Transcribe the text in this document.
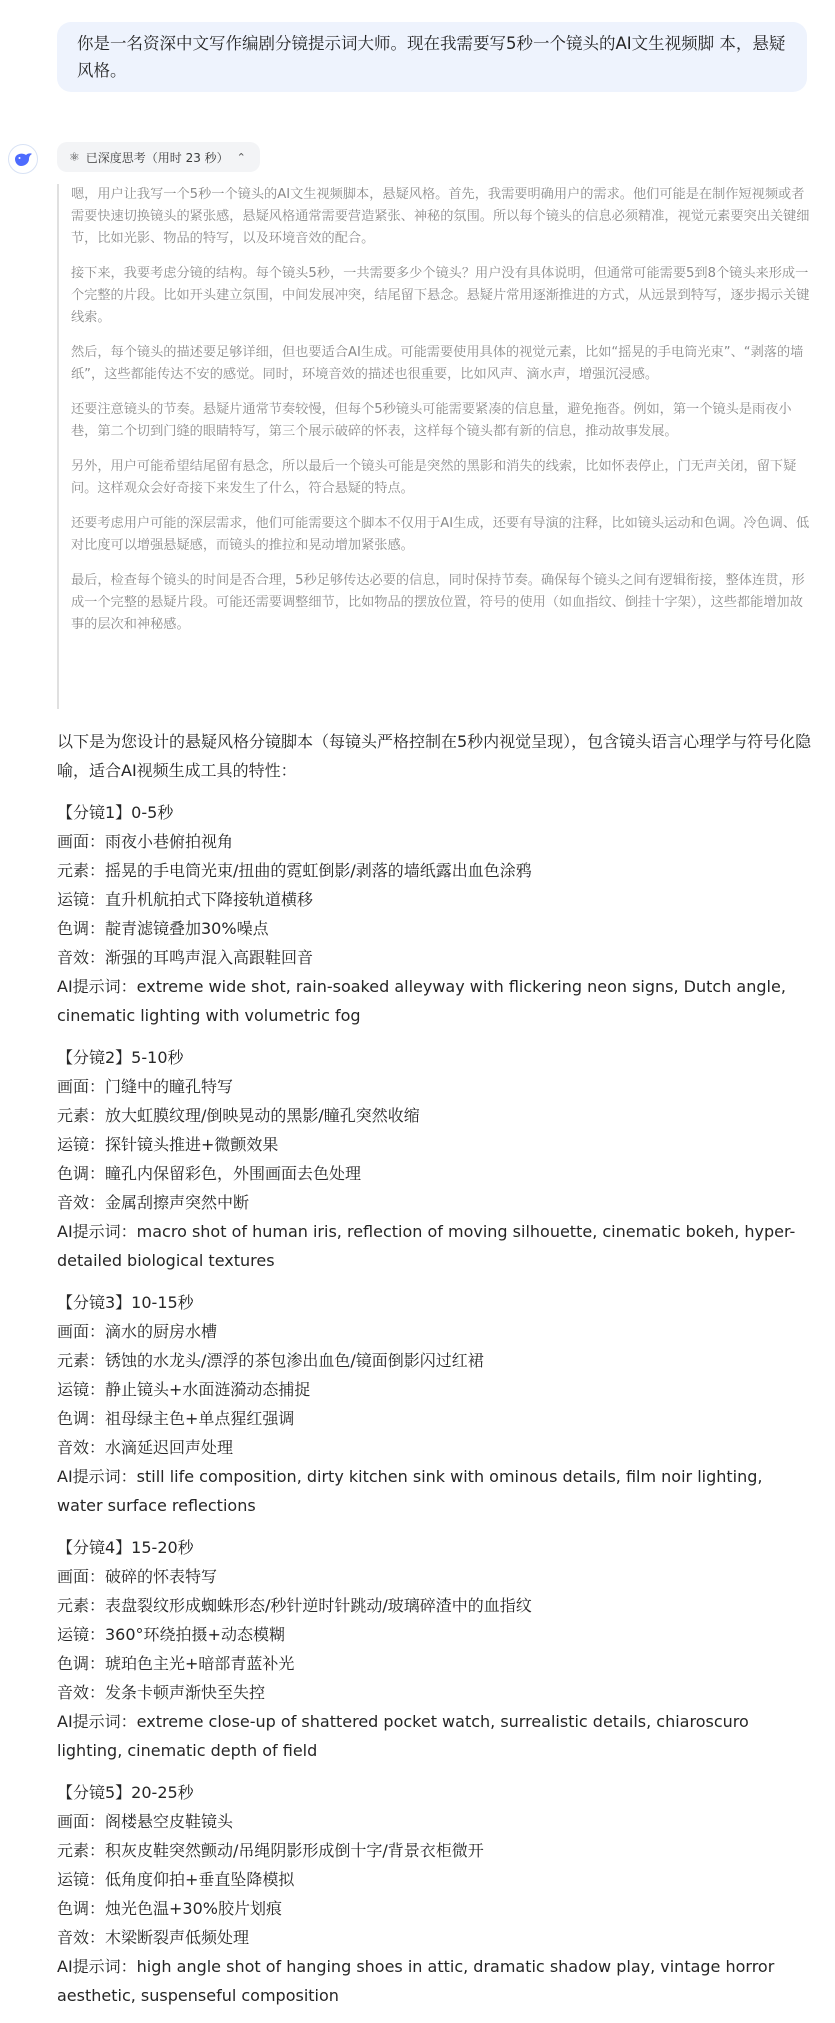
你是一名资深中文写作编剧分镜提示词大师。现在我需要写5秒一个镜头的AI文生视频脚 本，悬疑风格。
⚛ 已深度思考（用时 23 秒） ⌃

嗯，用户让我写一个5秒一个镜头的AI文生视频脚本，悬疑风格。首先，我需要明确用户的需求。他们可能是在制作短视频或者需要快速切换镜头的紧张感，悬疑风格通常需要营造紧张、神秘的氛围。所以每个镜头的信息必须精准，视觉元素要突出关键细节，比如光影、物品的特写，以及环境音效的配合。

接下来，我要考虑分镜的结构。每个镜头5秒，一共需要多少个镜头？用户没有具体说明，但通常可能需要5到8个镜头来形成一个完整的片段。比如开头建立氛围，中间发展冲突，结尾留下悬念。悬疑片常用逐渐推进的方式，从远景到特写，逐步揭示关键线索。

然后，每个镜头的描述要足够详细，但也要适合AI生成。可能需要使用具体的视觉元素，比如“摇晃的手电筒光束”、“剥落的墙纸”，这些都能传达不安的感觉。同时，环境音效的描述也很重要，比如风声、滴水声，增强沉浸感。

还要注意镜头的节奏。悬疑片通常节奏较慢，但每个5秒镜头可能需要紧凑的信息量，避免拖沓。例如，第一个镜头是雨夜小巷，第二个切到门缝的眼睛特写，第三个展示破碎的怀表，这样每个镜头都有新的信息，推动故事发展。

另外，用户可能希望结尾留有悬念，所以最后一个镜头可能是突然的黑影和消失的线索，比如怀表停止，门无声关闭，留下疑问。这样观众会好奇接下来发生了什么，符合悬疑的特点。

还要考虑用户可能的深层需求，他们可能需要这个脚本不仅用于AI生成，还要有导演的注释，比如镜头运动和色调。冷色调、低对比度可以增强悬疑感，而镜头的推拉和晃动增加紧张感。

最后，检查每个镜头的时间是否合理，5秒足够传达必要的信息，同时保持节奏。确保每个镜头之间有逻辑衔接，整体连贯，形成一个完整的悬疑片段。可能还需要调整细节，比如物品的摆放位置，符号的使用（如血指纹、倒挂十字架），这些都能增加故事的层次和神秘感。

以下是为您设计的悬疑风格分镜脚本（每镜头严格控制在5秒内视觉呈现），包含镜头语言心理学与符号化隐喻，适合AI视频生成工具的特性：

【分镜1】0-5秒
画面：雨夜小巷俯拍视角
元素：摇晃的手电筒光束/扭曲的霓虹倒影/剥落的墙纸露出血色涂鸦
运镜：直升机航拍式下降接轨道横移
色调：靛青滤镜叠加30%噪点
音效：渐强的耳鸣声混入高跟鞋回音
AI提示词：extreme wide shot, rain-soaked alleyway with flickering neon signs, Dutch angle, cinematic lighting with volumetric fog
【分镜2】5-10秒
画面：门缝中的瞳孔特写
元素：放大虹膜纹理/倒映晃动的黑影/瞳孔突然收缩
运镜：探针镜头推进+微颤效果
色调：瞳孔内保留彩色，外围画面去色处理
音效：金属刮擦声突然中断
AI提示词：macro shot of human iris, reflection of moving silhouette, cinematic bokeh, hyper-detailed biological textures
【分镜3】10-15秒
画面：滴水的厨房水槽
元素：锈蚀的水龙头/漂浮的茶包渗出血色/镜面倒影闪过红裙
运镜：静止镜头+水面涟漪动态捕捉
色调：祖母绿主色+单点猩红强调
音效：水滴延迟回声处理
AI提示词：still life composition, dirty kitchen sink with ominous details, film noir lighting, water surface reflections
【分镜4】15-20秒
画面：破碎的怀表特写
元素：表盘裂纹形成蜘蛛形态/秒针逆时针跳动/玻璃碎渣中的血指纹
运镜：360°环绕拍摄+动态模糊
色调：琥珀色主光+暗部青蓝补光
音效：发条卡顿声渐快至失控
AI提示词：extreme close-up of shattered pocket watch, surrealistic details, chiaroscuro lighting, cinematic depth of field
【分镜5】20-25秒
画面：阁楼悬空皮鞋镜头
元素：积灰皮鞋突然颤动/吊绳阴影形成倒十字/背景衣柜微开
运镜：低角度仰拍+垂直坠降模拟
色调：烛光色温+30%胶片划痕
音效：木梁断裂声低频处理
AI提示词：high angle shot of hanging shoes in attic, dramatic shadow play, vintage horror aesthetic, suspenseful composition
